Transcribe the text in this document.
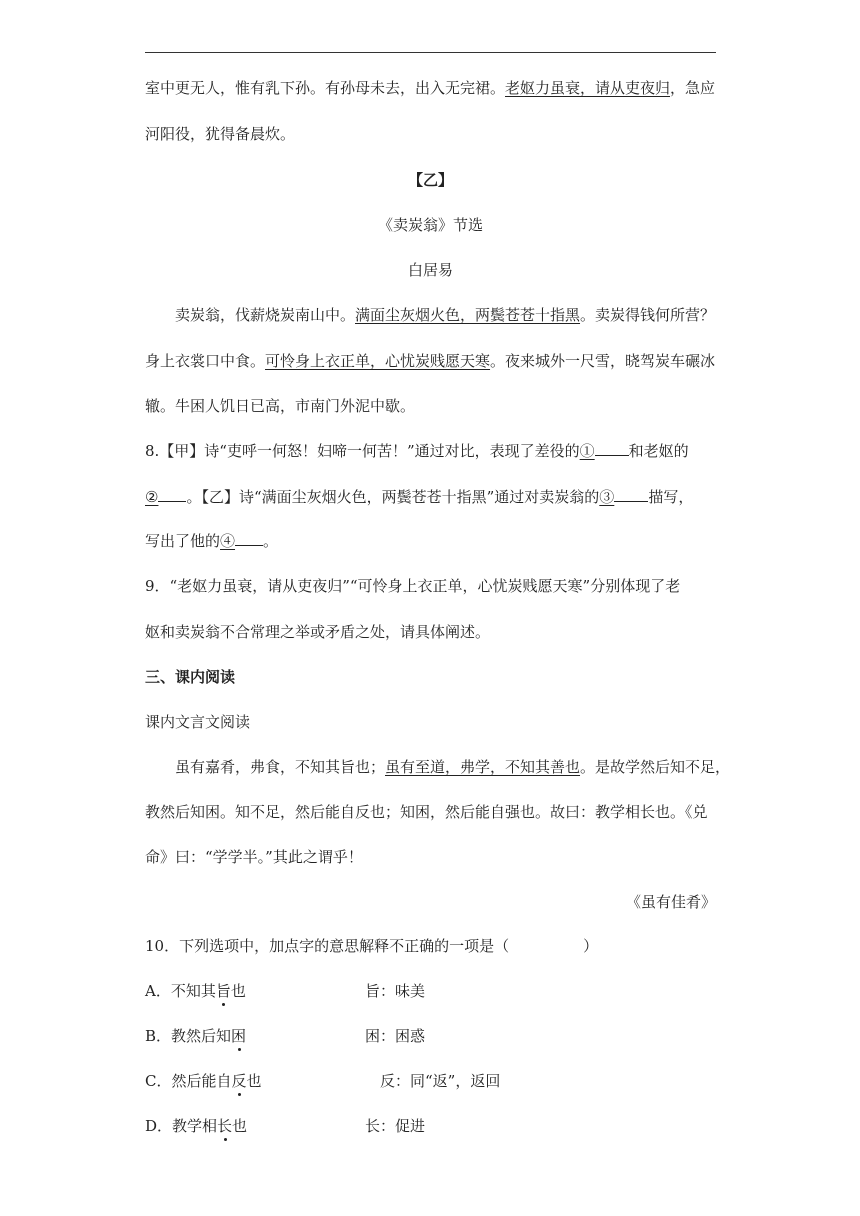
室中更无人，惟有乳下孙。有孙母未去，出入无完裙。老妪力虽衰，请从吏夜归，急应
河阳役，犹得备晨炊。
【乙】
《卖炭翁》节选
白居易
卖炭翁，伐薪烧炭南山中。满面尘灰烟火色，两鬓苍苍十指黑。卖炭得钱何所营？
身上衣裳口中食。可怜身上衣正单，心忧炭贱愿天寒。夜来城外一尺雪，晓驾炭车碾冰
辙。牛困人饥日已高，市南门外泥中歇。
8.【甲】诗“吏呼一何怒！妇啼一何苦！”通过对比，表现了差役的① 和老妪的
② 。【乙】诗“满面尘灰烟火色，两鬓苍苍十指黑”通过对卖炭翁的③ 描写，
写出了他的④ 。
9．“老妪力虽衰，请从吏夜归”“可怜身上衣正单，心忧炭贱愿天寒”分别体现了老
妪和卖炭翁不合常理之举或矛盾之处，请具体阐述。
三、课内阅读
课内文言文阅读
虽有嘉肴，弗食，不知其旨也；虽有至道，弗学，不知其善也。是故学然后知不足，
教然后知困。知不足，然后能自反也；知困，然后能自强也。故曰：教学相长也。《兑
命》曰：“学学半。”其此之谓乎！
《虽有佳肴》
10．下列选项中，加点字的意思解释不正确的一项是（	）
A．不知其旨也	旨：味美
B．教然后知困	困：困惑
C．然后能自反也	反：同“返”，返回
D．教学相长也	长：促进
